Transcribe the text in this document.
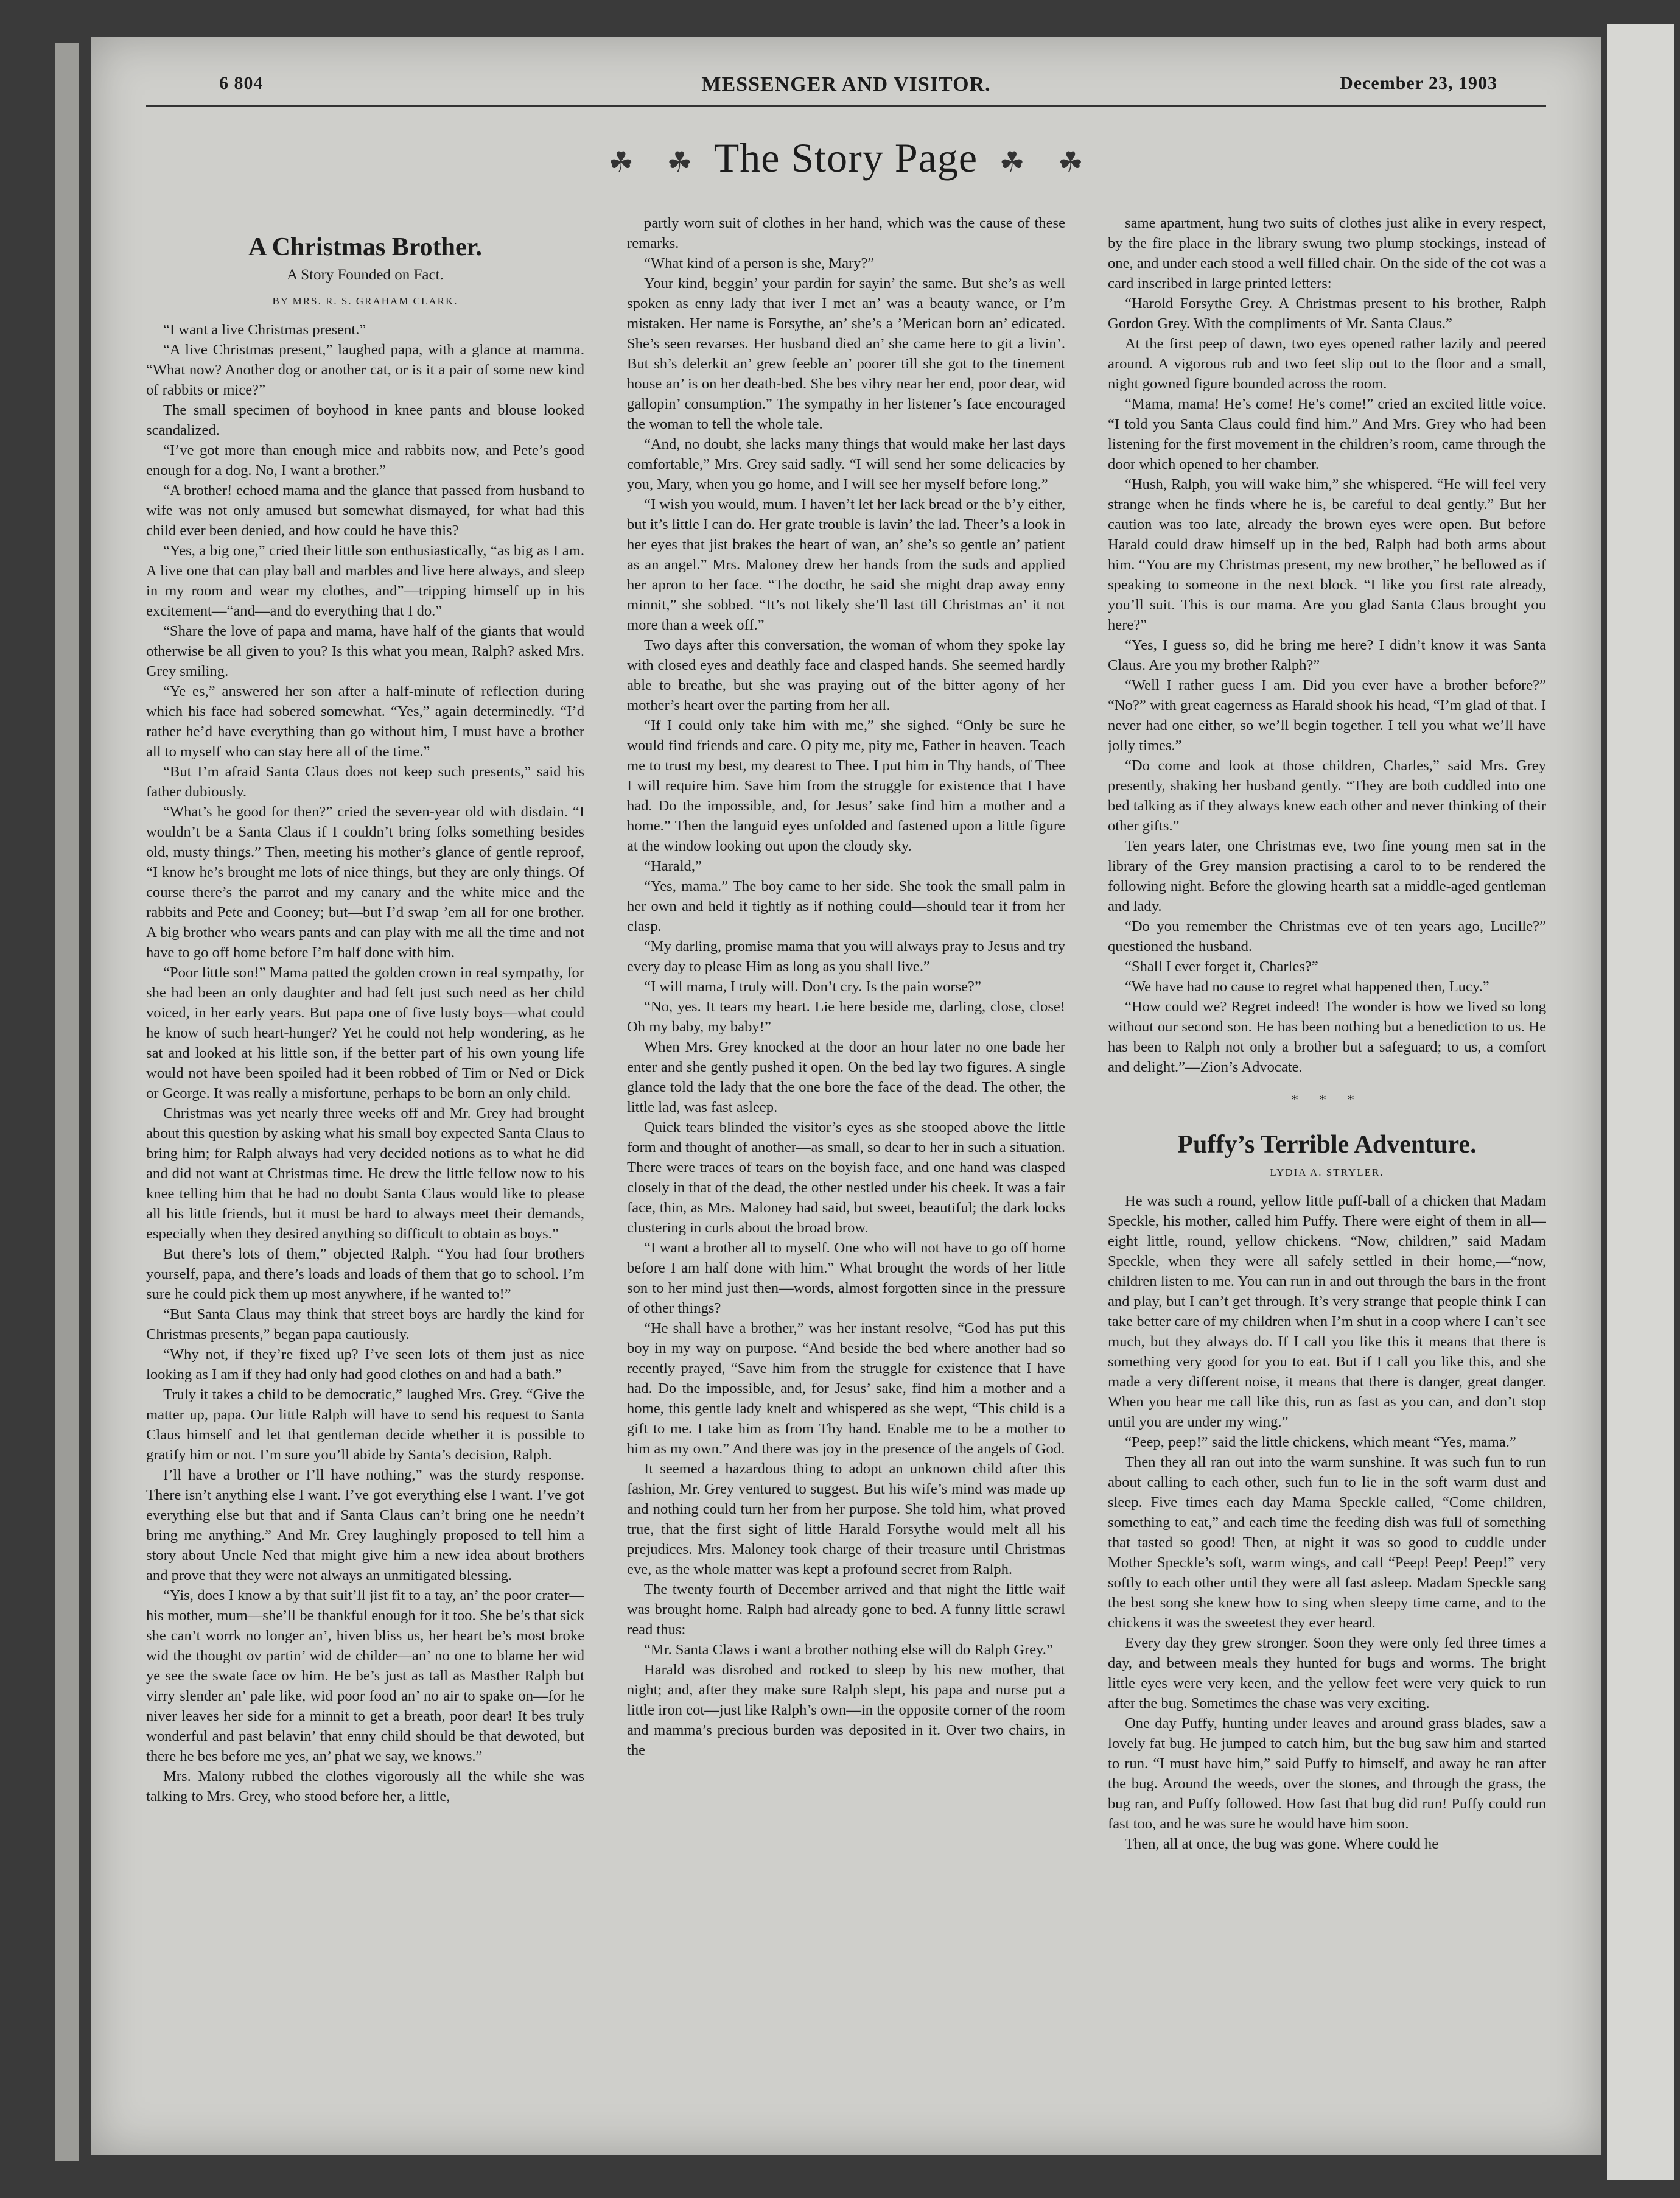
6 804	MESSENGER AND VISITOR.	December 23, 1903
☘ ☘ The Story Page ☘ ☘
A Christmas Brother.
A Story Founded on Fact.
BY MRS. R. S. GRAHAM CLARK.

“I want a live Christmas present.”

“A live Christmas present,” laughed papa, with a glance at mamma. “What now? Another dog or another cat, or is it a pair of some new kind of rabbits or mice?”

The small specimen of boyhood in knee pants and blouse looked scandalized.

“I’ve got more than enough mice and rabbits now, and Pete’s good enough for a dog. No, I want a brother.”

“A brother! echoed mama and the glance that passed from husband to wife was not only amused but somewhat dismayed, for what had this child ever been denied, and how could he have this?

“Yes, a big one,” cried their little son enthusiastically, “as big as I am. A live one that can play ball and marbles and live here always, and sleep in my room and wear my clothes, and”—tripping himself up in his excitement—“and—and do everything that I do.”

“Share the love of papa and mama, have half of the giants that would otherwise be all given to you? Is this what you mean, Ralph? asked Mrs. Grey smiling.

“Ye es,” answered her son after a half-minute of reflection during which his face had sobered somewhat. “Yes,” again determinedly. “I’d rather he’d have everything than go without him, I must have a brother all to myself who can stay here all of the time.”

“But I’m afraid Santa Claus does not keep such presents,” said his father dubiously.

“What’s he good for then?” cried the seven-year old with disdain. “I wouldn’t be a Santa Claus if I couldn’t bring folks something besides old, musty things.” Then, meeting his mother’s glance of gentle reproof, “I know he’s brought me lots of nice things, but they are only things. Of course there’s the parrot and my canary and the white mice and the rabbits and Pete and Cooney; but—but I’d swap ’em all for one brother. A big brother who wears pants and can play with me all the time and not have to go off home before I’m half done with him.

“Poor little son!” Mama patted the golden crown in real sympathy, for she had been an only daughter and had felt just such need as her child voiced, in her early years. But papa one of five lusty boys—what could he know of such heart-hunger? Yet he could not help wondering, as he sat and looked at his little son, if the better part of his own young life would not have been spoiled had it been robbed of Tim or Ned or Dick or George. It was really a misfortune, perhaps to be born an only child.

Christmas was yet nearly three weeks off and Mr. Grey had brought about this question by asking what his small boy expected Santa Claus to bring him; for Ralph always had very decided notions as to what he did and did not want at Christmas time. He drew the little fellow now to his knee telling him that he had no doubt Santa Claus would like to please all his little friends, but it must be hard to always meet their demands, especially when they desired anything so difficult to obtain as boys.”

But there’s lots of them,” objected Ralph. “You had four brothers yourself, papa, and there’s loads and loads of them that go to school. I’m sure he could pick them up most anywhere, if he wanted to!”

“But Santa Claus may think that street boys are hardly the kind for Christmas presents,” began papa cautiously.

“Why not, if they’re fixed up? I’ve seen lots of them just as nice looking as I am if they had only had good clothes on and had a bath.”

Truly it takes a child to be democratic,” laughed Mrs. Grey. “Give the matter up, papa. Our little Ralph will have to send his request to Santa Claus himself and let that gentleman decide whether it is possible to gratify him or not. I’m sure you’ll abide by Santa’s decision, Ralph.

I’ll have a brother or I’ll have nothing,” was the sturdy response. There isn’t anything else I want. I’ve got everything else I want. I’ve got everything else but that and if Santa Claus can’t bring one he needn’t bring me anything.” And Mr. Grey laughingly proposed to tell him a story about Uncle Ned that might give him a new idea about brothers and prove that they were not always an unmitigated blessing.

“Yis, does I know a by that suit’ll jist fit to a tay, an’ the poor crater—his mother, mum—she’ll be thankful enough for it too. She be’s that sick she can’t worrk no longer an’, hiven bliss us, her heart be’s most broke wid the thought ov partin’ wid de childer—an’ no one to blame her wid ye see the swate face ov him. He be’s just as tall as Masther Ralph but virry slender an’ pale like, wid poor food an’ no air to spake on—for he niver leaves her side for a minnit to get a breath, poor dear! It bes truly wonderful and past belavin’ that enny child should be that dewoted, but there he bes before me yes, an’ phat we say, we knows.”

Mrs. Malony rubbed the clothes vigorously all the while she was talking to Mrs. Grey, who stood before her, a little,

partly worn suit of clothes in her hand, which was the cause of these remarks.

“What kind of a person is she, Mary?”

Your kind, beggin’ your pardin for sayin’ the same. But she’s as well spoken as enny lady that iver I met an’ was a beauty wance, or I’m mistaken. Her name is Forsythe, an’ she’s a ’Merican born an’ edicated. She’s seen revarses. Her husband died an’ she came here to git a livin’. But sh’s delerkit an’ grew feeble an’ poorer till she got to the tinement house an’ is on her death-bed. She bes vihry near her end, poor dear, wid gallopin’ consumption.” The sympathy in her listener’s face encouraged the woman to tell the whole tale.

“And, no doubt, she lacks many things that would make her last days comfortable,” Mrs. Grey said sadly. “I will send her some delicacies by you, Mary, when you go home, and I will see her myself before long.”

“I wish you would, mum. I haven’t let her lack bread or the b’y either, but it’s little I can do. Her grate trouble is lavin’ the lad. Theer’s a look in her eyes that jist brakes the heart of wan, an’ she’s so gentle an’ patient as an angel.” Mrs. Maloney drew her hands from the suds and applied her apron to her face. “The docthr, he said she might drap away enny minnit,” she sobbed. “It’s not likely she’ll last till Christmas an’ it not more than a week off.”

Two days after this conversation, the woman of whom they spoke lay with closed eyes and deathly face and clasped hands. She seemed hardly able to breathe, but she was praying out of the bitter agony of her mother’s heart over the parting from her all.

“If I could only take him with me,” she sighed. “Only be sure he would find friends and care. O pity me, pity me, Father in heaven. Teach me to trust my best, my dearest to Thee. I put him in Thy hands, of Thee I will require him. Save him from the struggle for existence that I have had. Do the impossible, and, for Jesus’ sake find him a mother and a home.” Then the languid eyes unfolded and fastened upon a little figure at the window looking out upon the cloudy sky.

“Harald,”

“Yes, mama.” The boy came to her side. She took the small palm in her own and held it tightly as if nothing could—should tear it from her clasp.

“My darling, promise mama that you will always pray to Jesus and try every day to please Him as long as you shall live.”

“I will mama, I truly will. Don’t cry. Is the pain worse?”

“No, yes. It tears my heart. Lie here beside me, darling, close, close! Oh my baby, my baby!”

When Mrs. Grey knocked at the door an hour later no one bade her enter and she gently pushed it open. On the bed lay two figures. A single glance told the lady that the one bore the face of the dead. The other, the little lad, was fast asleep.

Quick tears blinded the visitor’s eyes as she stooped above the little form and thought of another—as small, so dear to her in such a situation. There were traces of tears on the boyish face, and one hand was clasped closely in that of the dead, the other nestled under his cheek. It was a fair face, thin, as Mrs. Maloney had said, but sweet, beautiful; the dark locks clustering in curls about the broad brow.

“I want a brother all to myself. One who will not have to go off home before I am half done with him.” What brought the words of her little son to her mind just then—words, almost forgotten since in the pressure of other things?

“He shall have a brother,” was her instant resolve, “God has put this boy in my way on purpose. “And beside the bed where another had so recently prayed, “Save him from the struggle for existence that I have had. Do the impossible, and, for Jesus’ sake, find him a mother and a home, this gentle lady knelt and whispered as she wept, “This child is a gift to me. I take him as from Thy hand. Enable me to be a mother to him as my own.” And there was joy in the presence of the angels of God.

It seemed a hazardous thing to adopt an unknown child after this fashion, Mr. Grey ventured to suggest. But his wife’s mind was made up and nothing could turn her from her purpose. She told him, what proved true, that the first sight of little Harald Forsythe would melt all his prejudices. Mrs. Maloney took charge of their treasure until Christmas eve, as the whole matter was kept a profound secret from Ralph.

The twenty fourth of December arrived and that night the little waif was brought home. Ralph had already gone to bed. A funny little scrawl read thus:

“Mr. Santa Claws i want a brother nothing else will do Ralph Grey.”

Harald was disrobed and rocked to sleep by his new mother, that night; and, after they make sure Ralph slept, his papa and nurse put a little iron cot—just like Ralph’s own—in the opposite corner of the room and mamma’s precious burden was deposited in it. Over two chairs, in the

same apartment, hung two suits of clothes just alike in every respect, by the fire place in the library swung two plump stockings, instead of one, and under each stood a well filled chair. On the side of the cot was a card inscribed in large printed letters:

“Harold Forsythe Grey. A Christmas present to his brother, Ralph Gordon Grey. With the compliments of Mr. Santa Claus.”

At the first peep of dawn, two eyes opened rather lazily and peered around. A vigorous rub and two feet slip out to the floor and a small, night gowned figure bounded across the room.

“Mama, mama! He’s come! He’s come!” cried an excited little voice. “I told you Santa Claus could find him.” And Mrs. Grey who had been listening for the first movement in the children’s room, came through the door which opened to her chamber.

“Hush, Ralph, you will wake him,” she whispered. “He will feel very strange when he finds where he is, be careful to deal gently.” But her caution was too late, already the brown eyes were open. But before Harald could draw himself up in the bed, Ralph had both arms about him. “You are my Christmas present, my new brother,” he bellowed as if speaking to someone in the next block. “I like you first rate already, you’ll suit. This is our mama. Are you glad Santa Claus brought you here?”

“Yes, I guess so, did he bring me here? I didn’t know it was Santa Claus. Are you my brother Ralph?”

“Well I rather guess I am. Did you ever have a brother before?” “No?” with great eagerness as Harald shook his head, “I’m glad of that. I never had one either, so we’ll begin together. I tell you what we’ll have jolly times.”

“Do come and look at those children, Charles,” said Mrs. Grey presently, shaking her husband gently. “They are both cuddled into one bed talking as if they always knew each other and never thinking of their other gifts.”

Ten years later, one Christmas eve, two fine young men sat in the library of the Grey mansion practising a carol to to be rendered the following night. Before the glowing hearth sat a middle-aged gentleman and lady.

“Do you remember the Christmas eve of ten years ago, Lucille?” questioned the husband.

“Shall I ever forget it, Charles?”

“We have had no cause to regret what happened then, Lucy.”

“How could we? Regret indeed! The wonder is how we lived so long without our second son. He has been nothing but a benediction to us. He has been to Ralph not only a brother but a safeguard; to us, a comfort and delight.”—Zion’s Advocate.

* * *
Puffy’s Terrible Adventure.
LYDIA A. STRYLER.

He was such a round, yellow little puff-ball of a chicken that Madam Speckle, his mother, called him Puffy. There were eight of them in all—eight little, round, yellow chickens. “Now, children,” said Madam Speckle, when they were all safely settled in their home,—“now, children listen to me. You can run in and out through the bars in the front and play, but I can’t get through. It’s very strange that people think I can take better care of my children when I’m shut in a coop where I can’t see much, but they always do. If I call you like this it means that there is something very good for you to eat. But if I call you like this, and she made a very different noise, it means that there is danger, great danger. When you hear me call like this, run as fast as you can, and don’t stop until you are under my wing.”

“Peep, peep!” said the little chickens, which meant “Yes, mama.”

Then they all ran out into the warm sunshine. It was such fun to run about calling to each other, such fun to lie in the soft warm dust and sleep. Five times each day Mama Speckle called, “Come children, something to eat,” and each time the feeding dish was full of something that tasted so good! Then, at night it was so good to cuddle under Mother Speckle’s soft, warm wings, and call “Peep! Peep! Peep!” very softly to each other until they were all fast asleep. Madam Speckle sang the best song she knew how to sing when sleepy time came, and to the chickens it was the sweetest they ever heard.

Every day they grew stronger. Soon they were only fed three times a day, and between meals they hunted for bugs and worms. The bright little eyes were very keen, and the yellow feet were very quick to run after the bug. Sometimes the chase was very exciting.

One day Puffy, hunting under leaves and around grass blades, saw a lovely fat bug. He jumped to catch him, but the bug saw him and started to run. “I must have him,” said Puffy to himself, and away he ran after the bug. Around the weeds, over the stones, and through the grass, the bug ran, and Puffy followed. How fast that bug did run! Puffy could run fast too, and he was sure he would have him soon.

Then, all at once, the bug was gone. Where could he
